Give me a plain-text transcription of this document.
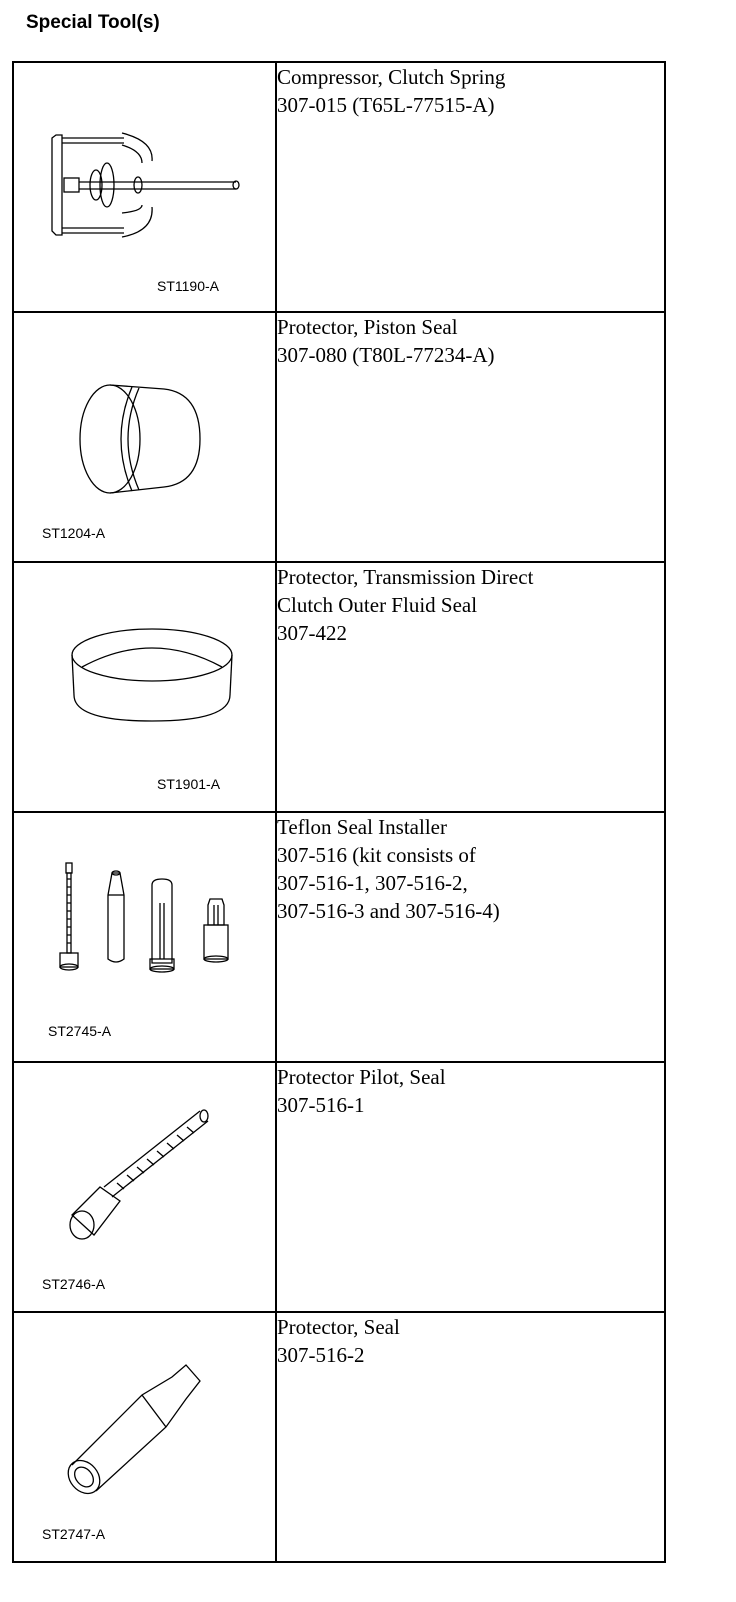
Special Tool(s)
ST1190-A	Compressor, Clutch Spring
307-015 (T65L-77515-A)

ST1204-A	Protector, Piston Seal
307-080 (T80L-77234-A)

ST1901-A	Protector, Transmission Direct
Clutch Outer Fluid Seal
307-422

ST2745-A	Teflon Seal Installer
307-516 (kit consists of
307-516-1, 307-516-2,
307-516-3 and 307-516-4)

ST2746-A	Protector Pilot, Seal
307-516-1

ST2747-A	Protector, Seal
307-516-2
